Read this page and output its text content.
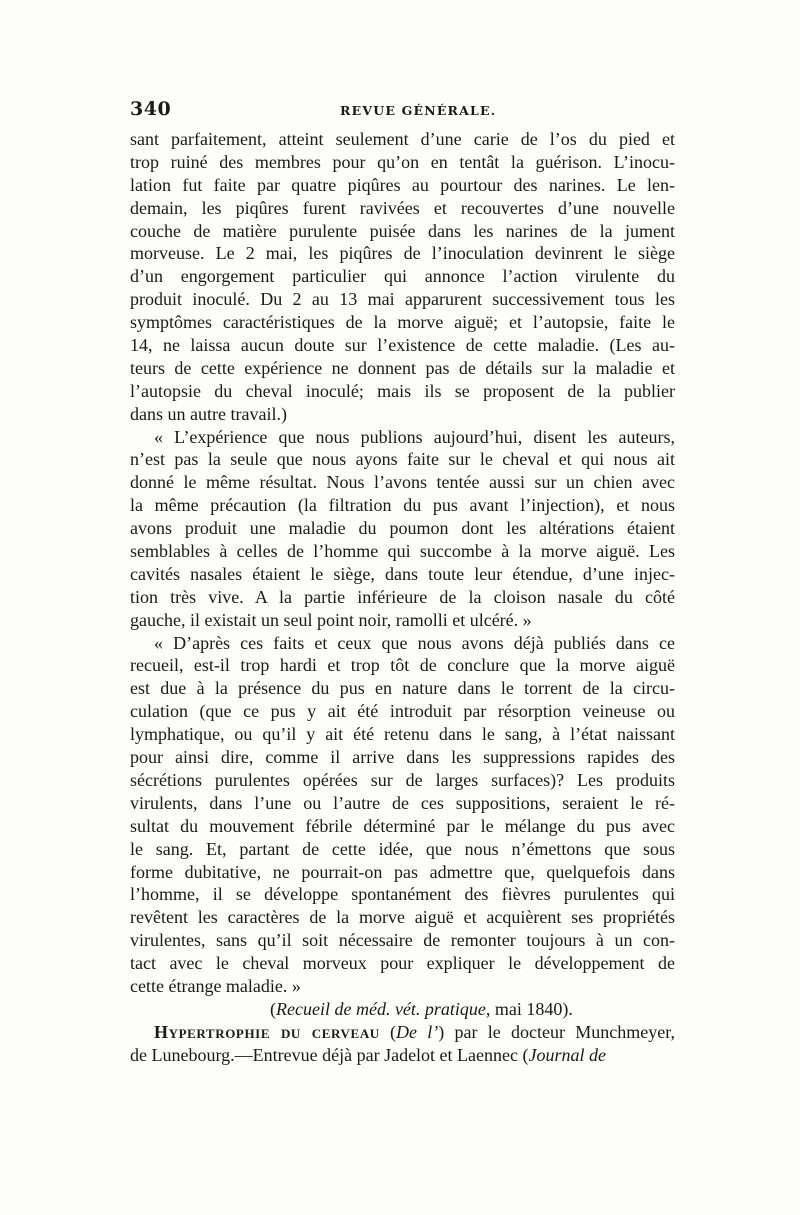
340	REVUE GÉNÉRALE.
sant parfaitement, atteint seulement d’une carie de l’os du pied et
trop ruiné des membres pour qu’on en tentât la guérison. L’inocu-
lation fut faite par quatre piqûres au pourtour des narines. Le len-
demain, les piqûres furent ravivées et recouvertes d’une nouvelle
couche de matière purulente puisée dans les narines de la jument
morveuse. Le 2 mai, les piqûres de l’inoculation devinrent le siège
d’un engorgement particulier qui annonce l’action virulente du
produit inoculé. Du 2 au 13 mai apparurent successivement tous les
symptômes caractéristiques de la morve aiguë; et l’autopsie, faite le
14, ne laissa aucun doute sur l’existence de cette maladie. (Les au-
teurs de cette expérience ne donnent pas de détails sur la maladie et
l’autopsie du cheval inoculé; mais ils se proposent de la publier
dans un autre travail.)
« L’expérience que nous publions aujourd’hui, disent les auteurs,
n’est pas la seule que nous ayons faite sur le cheval et qui nous ait
donné le même résultat. Nous l’avons tentée aussi sur un chien avec
la même précaution (la filtration du pus avant l’injection), et nous
avons produit une maladie du poumon dont les altérations étaient
semblables à celles de l’homme qui succombe à la morve aiguë. Les
cavités nasales étaient le siège, dans toute leur étendue, d’une injec-
tion très vive. A la partie inférieure de la cloison nasale du côté
gauche, il existait un seul point noir, ramolli et ulcéré. »
« D’après ces faits et ceux que nous avons déjà publiés dans ce
recueil, est-il trop hardi et trop tôt de conclure que la morve aiguë
est due à la présence du pus en nature dans le torrent de la circu-
culation (que ce pus y ait été introduit par résorption veineuse ou
lymphatique, ou qu’il y ait été retenu dans le sang, à l’état naissant
pour ainsi dire, comme il arrive dans les suppressions rapides des
sécrétions purulentes opérées sur de larges surfaces)? Les produits
virulents, dans l’une ou l’autre de ces suppositions, seraient le ré-
sultat du mouvement fébrile déterminé par le mélange du pus avec
le sang. Et, partant de cette idée, que nous n’émettons que sous
forme dubitative, ne pourrait-on pas admettre que, quelquefois dans
l’homme, il se développe spontanément des fièvres purulentes qui
revêtent les caractères de la morve aiguë et acquièrent ses propriétés
virulentes, sans qu’il soit nécessaire de remonter toujours à un con-
tact avec le cheval morveux pour expliquer le développement de
cette étrange maladie. »
(Recueil de méd. vét. pratique, mai 1840).
Hypertrophie du cerveau (De l’) par le docteur Munchmeyer,
de Lunebourg.—Entrevue déjà par Jadelot et Laennec (Journal de
